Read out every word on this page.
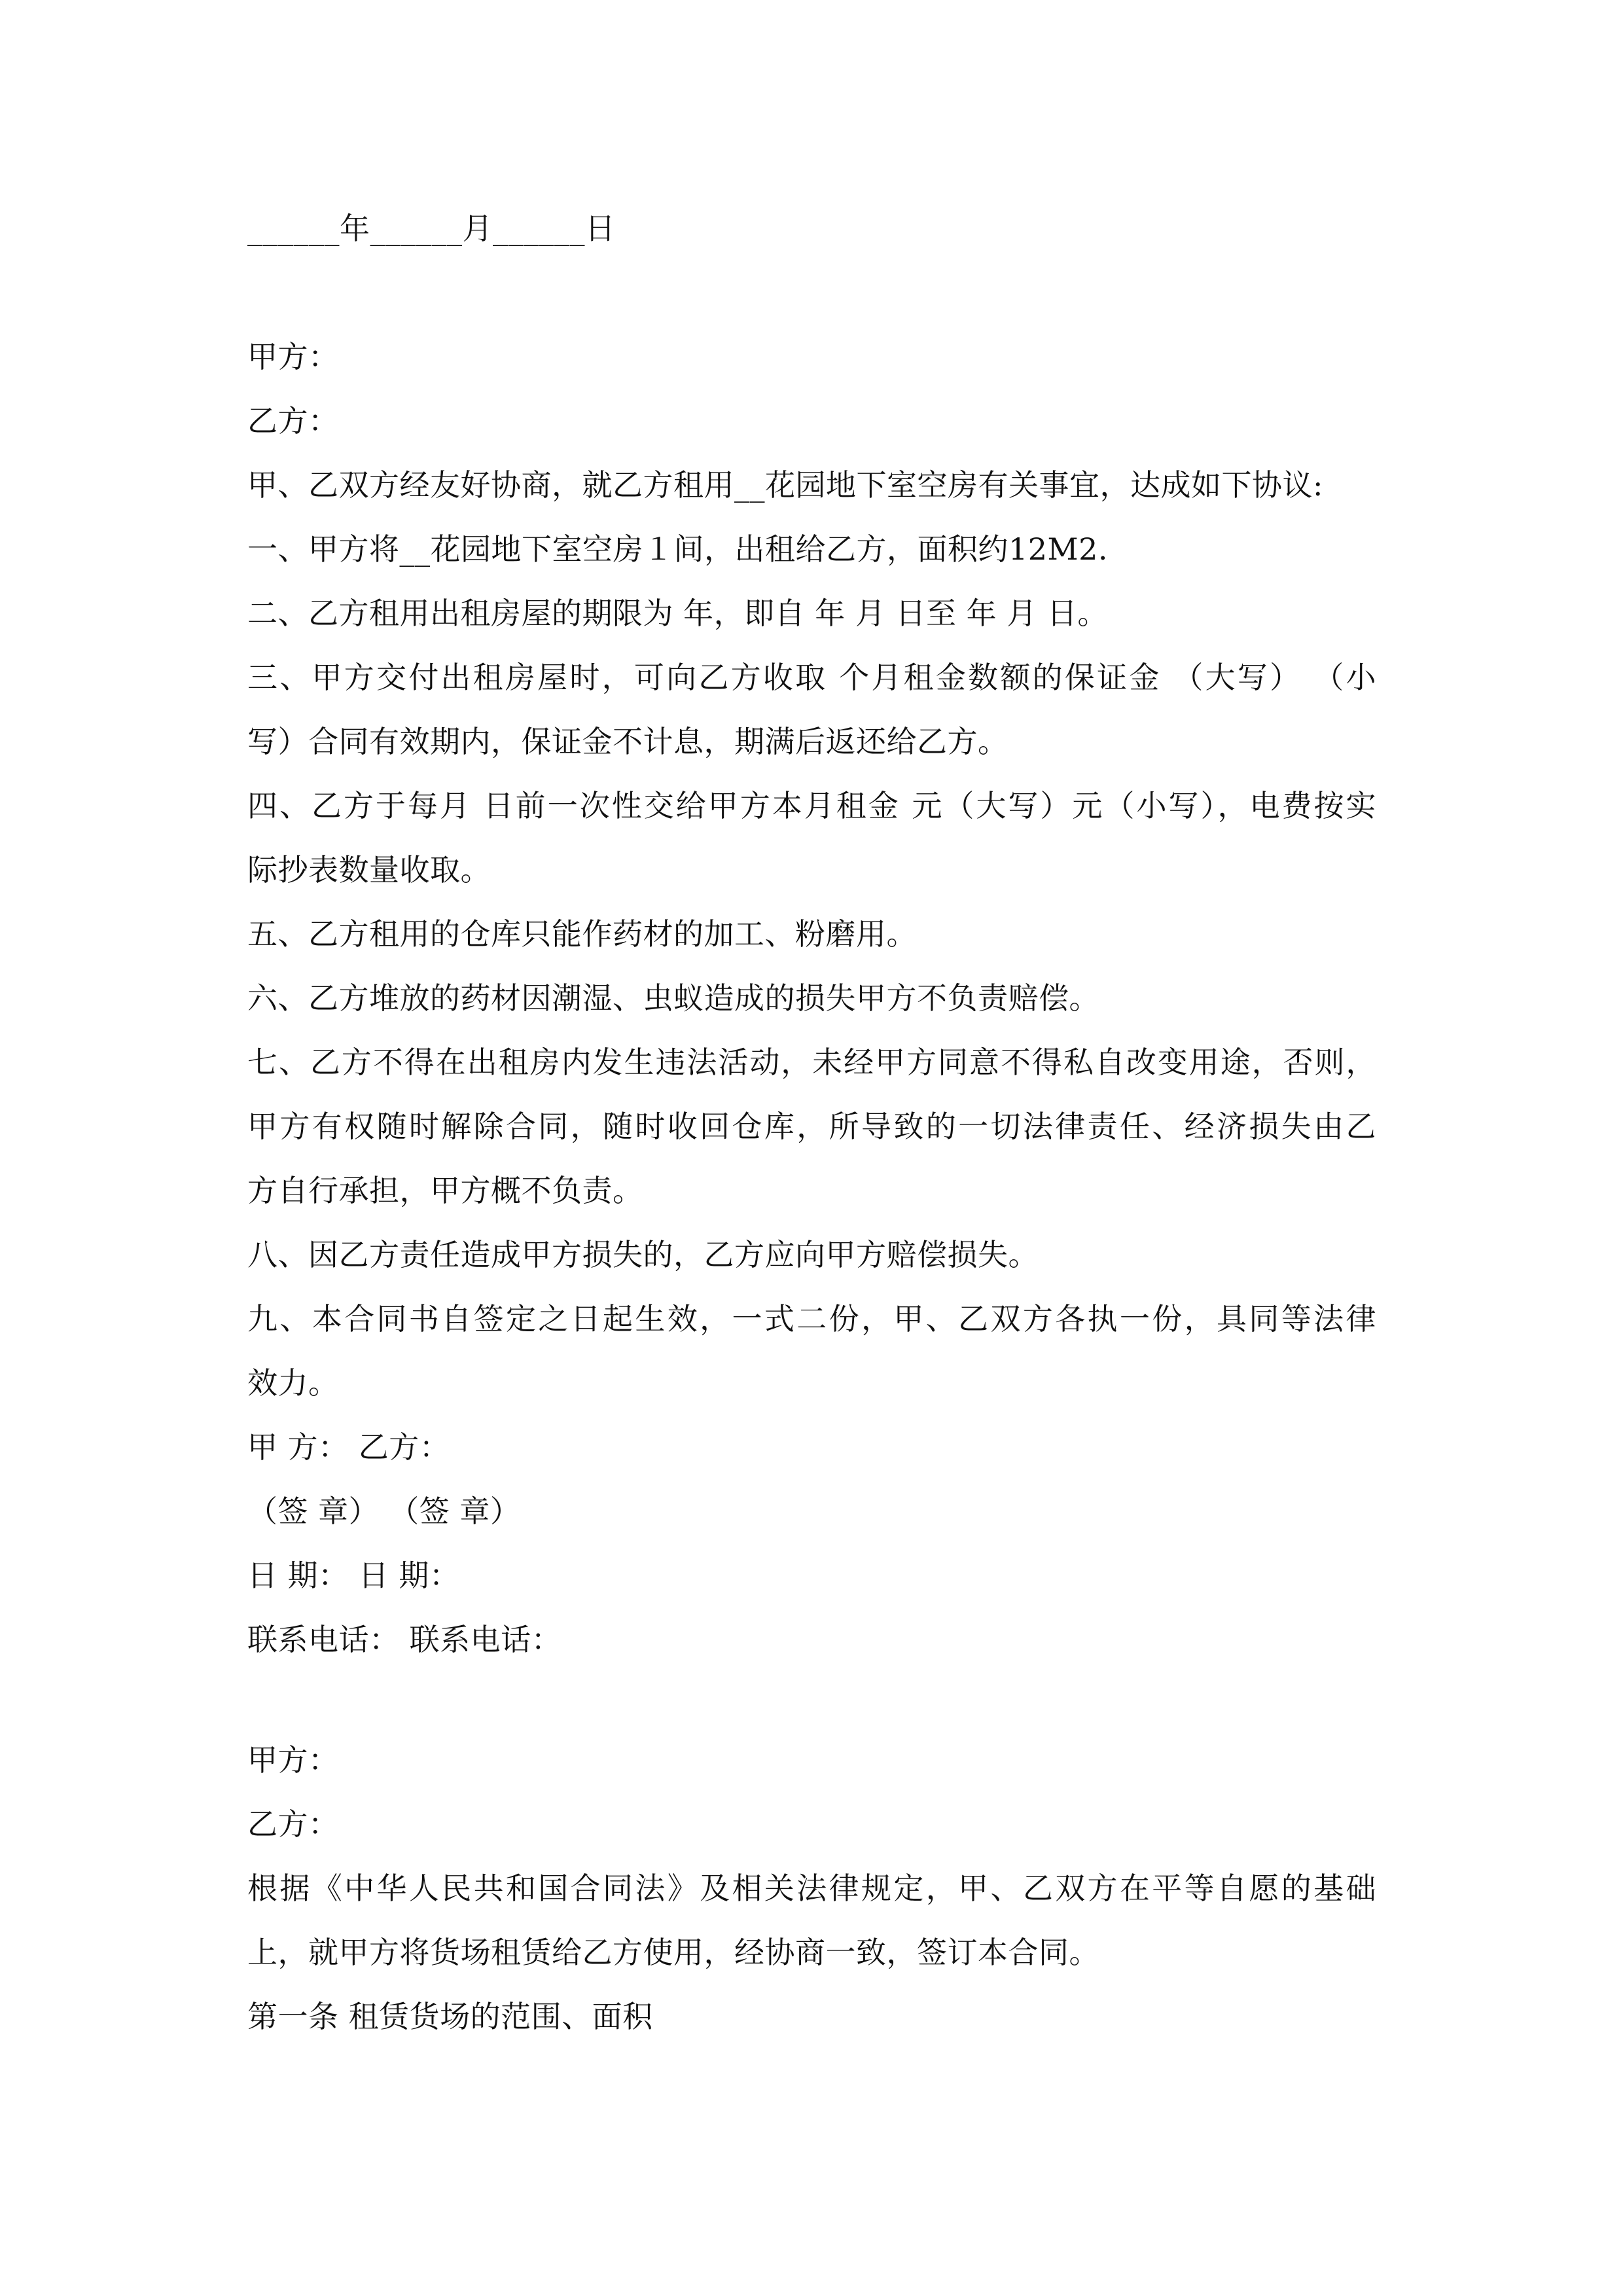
______年______月______日
甲方：
乙方：
甲、乙双方经友好协商，就乙方租用__花园地下室空房有关事宜，达成如下协议:
一、甲方将__花园地下室空房１间，出租给乙方，面积约12M2.
二、乙方租用出租房屋的期限为 年，即自 年 月 日至 年 月 日。
三、甲方交付出租房屋时，可向乙方收取 个月租金数额的保证金 （大写） （小
写）合同有效期内，保证金不计息，期满后返还给乙方。
四、乙方于每月 日前一次性交给甲方本月租金 元（大写）元（小写），电费按实
际抄表数量收取。
五、乙方租用的仓库只能作药材的加工、粉磨用。
六、乙方堆放的药材因潮湿、虫蚁造成的损失甲方不负责赔偿。
七、乙方不得在出租房内发生违法活动，未经甲方同意不得私自改变用途，否则，
甲方有权随时解除合同，随时收回仓库，所导致的一切法律责任、经济损失由乙
方自行承担，甲方概不负责。
八、因乙方责任造成甲方损失的，乙方应向甲方赔偿损失。
九、本合同书自签定之日起生效，一式二份，甲、乙双方各执一份，具同等法律
效力。
甲 方： 乙方：
（签 章） （签 章）
日 期： 日 期：
联系电话： 联系电话：
甲方：
乙方：
根据《中华人民共和国合同法》及相关法律规定，甲、乙双方在平等自愿的基础
上，就甲方将货场租赁给乙方使用，经协商一致，签订本合同。
第一条 租赁货场的范围、面积
